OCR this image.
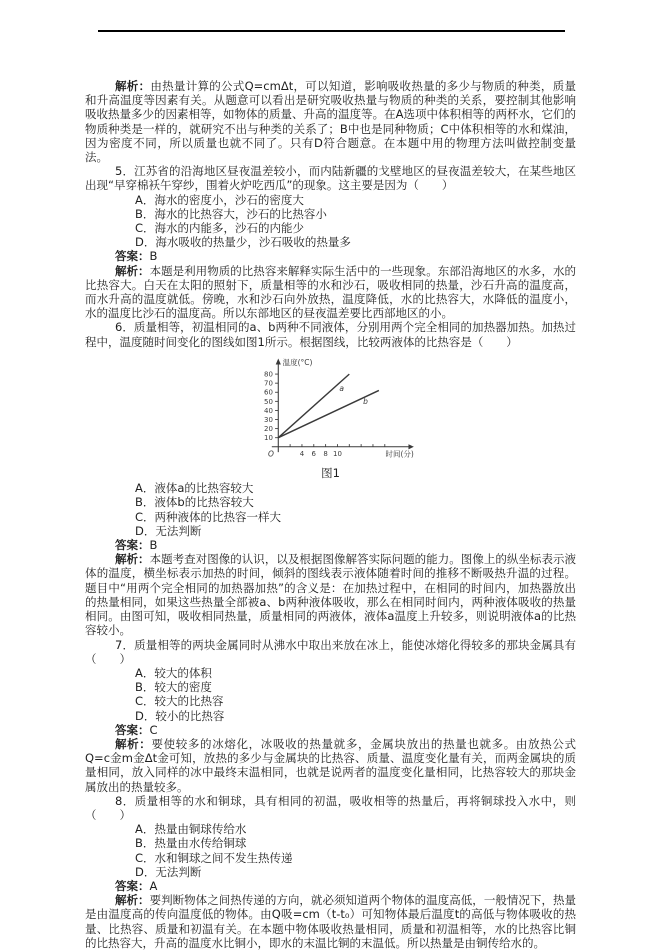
解析：由热量计算的公式Q=cmΔt，可以知道，影响吸收热量的多少与物质的种类，质量和升高温度等因素有关。从题意可以看出是研究吸收热量与物质的种类的关系，要控制其他影响吸收热量多少的因素相等，如物体的质量、升高的温度等。在A选项中体积相等的两杯水，它们的物质种类是一样的，就研究不出与种类的关系了；B中也是同种物质；C中体积相等的水和煤油，因为密度不同，所以质量也就不同了。只有D符合题意。在本题中用的物理方法叫做控制变量法。

5．江苏省的沿海地区昼夜温差较小，而内陆新疆的戈壁地区的昼夜温差较大，在某些地区出现“早穿棉袄午穿纱，围着火炉吃西瓜”的现象。这主要是因为（　　）

A．海水的密度小，沙石的密度大
B．海水的比热容大，沙石的比热容小
C．海水的内能多，沙石的内能少
D．海水吸收的热量少，沙石吸收的热量多

答案：B

解析：本题是利用物质的比热容来解释实际生活中的一些现象。东部沿海地区的水多，水的比热容大。白天在太阳的照射下，质量相等的水和沙石，吸收相同的热量，沙石升高的温度高，而水升高的温度就低。傍晚，水和沙石向外放热，温度降低，水的比热容大，水降低的温度小，水的温度比沙石的温度高。所以东部地区的昼夜温差要比西部地区的小。

6．质量相等，初温相同的a、b两种不同液体，分别用两个完全相同的加热器加热。加热过程中，温度随时间变化的图线如图1所示。根据图线，比较两液体的比热容是（　　）

10
20
30
40
50
60
70
80
4 6 8 10
O
温度(°C)
时间(分)
a
b
图1
A．液体a的比热容较大
B．液体b的比热容较大
C．两种液体的比热容一样大
D．无法判断

答案：B

解析：本题考查对图像的认识，以及根据图像解答实际问题的能力。图像上的纵坐标表示液体的温度，横坐标表示加热的时间，倾斜的图线表示液体随着时间的推移不断吸热升温的过程。题目中“用两个完全相同的加热器加热”的含义是：在加热过程中，在相同的时间内，加热器放出的热量相同，如果这些热量全部被a、b两种液体吸收，那么在相同时间内，两种液体吸收的热量相同。由图可知，吸收相同热量，质量相同的两液体，液体a温度上升较多，则说明液体a的比热容较小。

7．质量相等的两块金属同时从沸水中取出来放在冰上，能使冰熔化得较多的那块金属具有（　　）

A．较大的体积
B．较大的密度
C．较大的比热容
D．较小的比热容

答案：C

解析：要使较多的冰熔化，冰吸收的热量就多，金属块放出的热量也就多。由放热公式Q=c金m金Δt金可知，放热的多少与金属块的比热容、质量、温度变化量有关，而两金属块的质量相同，放入同样的冰中最终末温相同，也就是说两者的温度变化量相同，比热容较大的那块金属放出的热量较多。

8．质量相等的水和铜球，具有相同的初温，吸收相等的热量后，再将铜球投入水中，则（　　）

A．热量由铜球传给水
B．热量由水传给铜球
C．水和铜球之间不发生热传递
D．无法判断

答案：A

解析：要判断物体之间热传递的方向，就必须知道两个物体的温度高低，一般情况下，热量是由温度高的传向温度低的物体。由Q吸=cm（t-t₀）可知物体最后温度t的高低与物体吸收的热量、比热容、质量和初温有关。在本题中物体吸收热量相同，质量和初温相等，水的比热容比铜的比热容大，升高的温度水比铜小，即水的末温比铜的末温低。所以热量是由铜传给水的。
